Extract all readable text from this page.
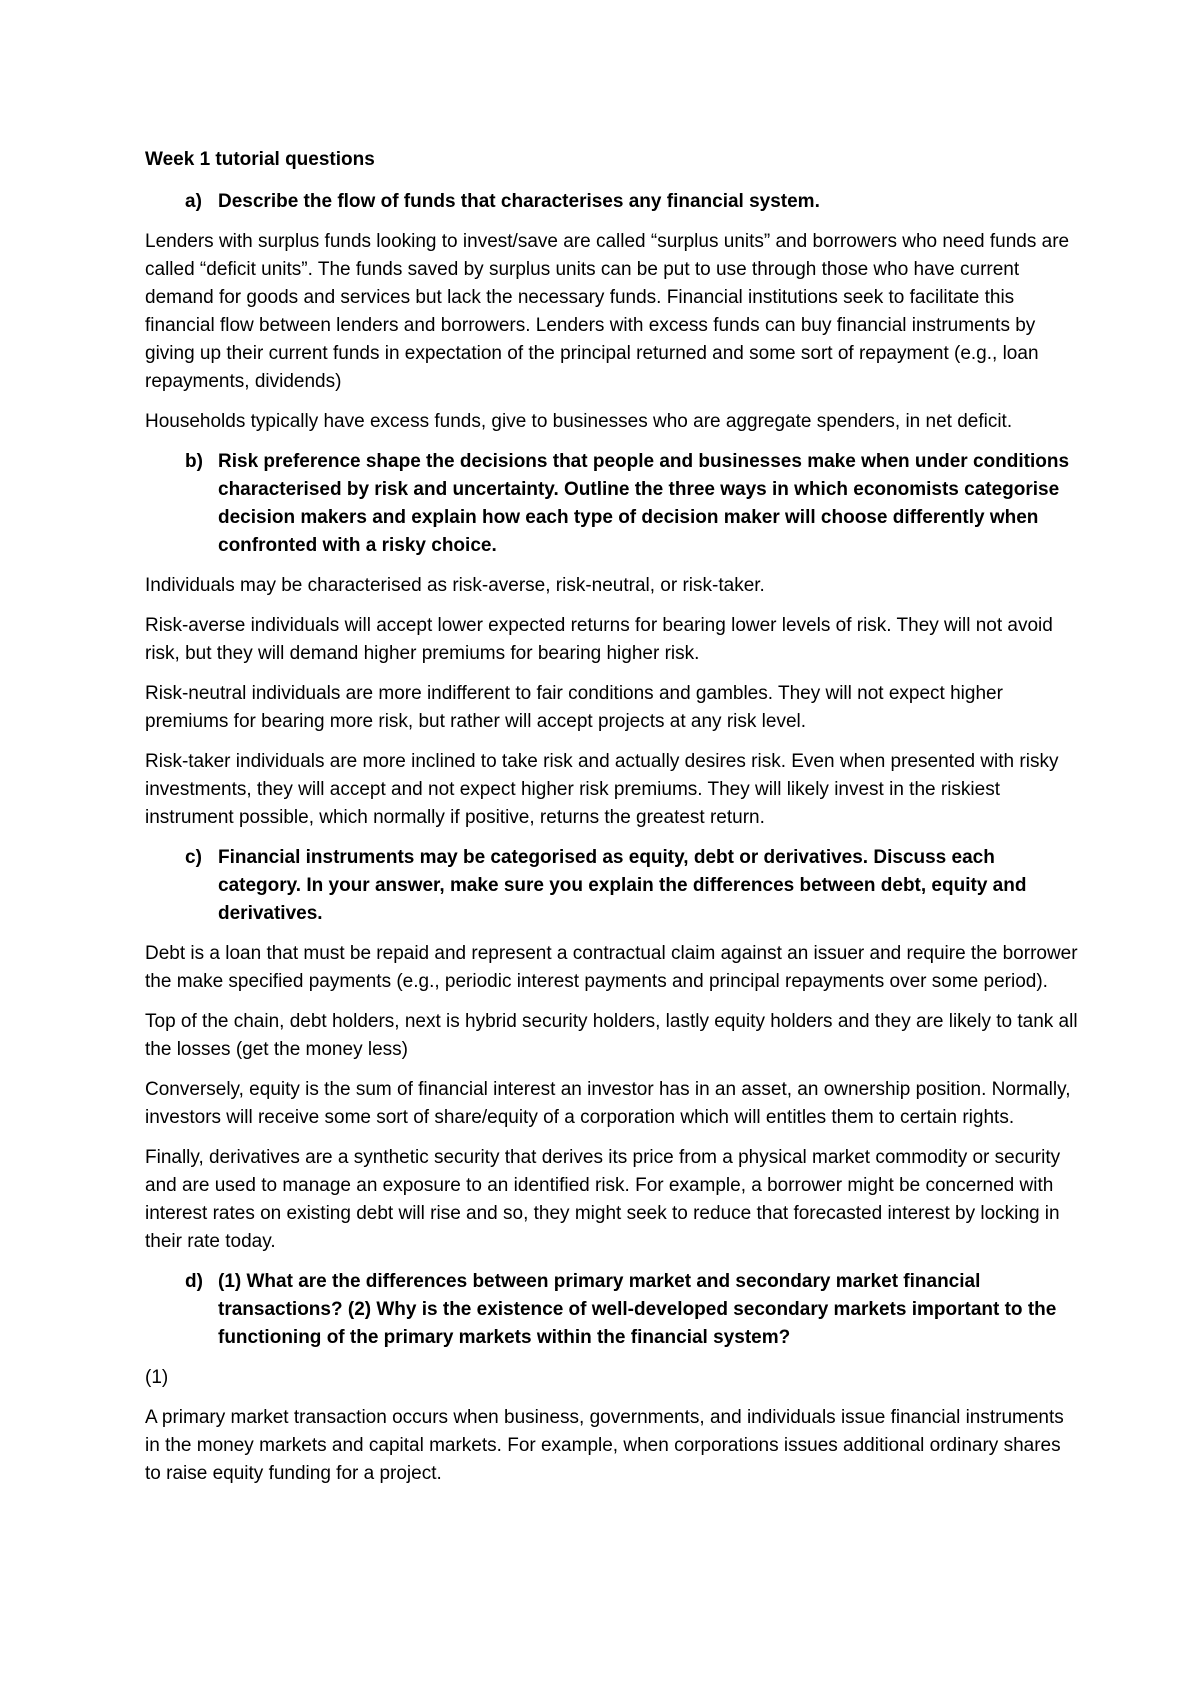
Week 1 tutorial questions

a) Describe the flow of funds that characterises any financial system.

Lenders with surplus funds looking to invest/save are called “surplus units” and borrowers who need funds are called “deficit units”. The funds saved by surplus units can be put to use through those who have current demand for goods and services but lack the necessary funds. Financial institutions seek to facilitate this financial flow between lenders and borrowers. Lenders with excess funds can buy financial instruments by giving up their current funds in expectation of the principal returned and some sort of repayment (e.g., loan repayments, dividends)

Households typically have excess funds, give to businesses who are aggregate spenders, in net deficit.

b) Risk preference shape the decisions that people and businesses make when under conditions characterised by risk and uncertainty. Outline the three ways in which economists categorise decision makers and explain how each type of decision maker will choose differently when confronted with a risky choice.

Individuals may be characterised as risk-averse, risk-neutral, or risk-taker.

Risk-averse individuals will accept lower expected returns for bearing lower levels of risk. They will not avoid risk, but they will demand higher premiums for bearing higher risk.

Risk-neutral individuals are more indifferent to fair conditions and gambles. They will not expect higher premiums for bearing more risk, but rather will accept projects at any risk level.

Risk-taker individuals are more inclined to take risk and actually desires risk. Even when presented with risky investments, they will accept and not expect higher risk premiums. They will likely invest in the riskiest instrument possible, which normally if positive, returns the greatest return.

c) Financial instruments may be categorised as equity, debt or derivatives. Discuss each category. In your answer, make sure you explain the differences between debt, equity and derivatives.

Debt is a loan that must be repaid and represent a contractual claim against an issuer and require the borrower the make specified payments (e.g., periodic interest payments and principal repayments over some period).

Top of the chain, debt holders, next is hybrid security holders, lastly equity holders and they are likely to tank all the losses (get the money less)

Conversely, equity is the sum of financial interest an investor has in an asset, an ownership position. Normally, investors will receive some sort of share/equity of a corporation which will entitles them to certain rights.

Finally, derivatives are a synthetic security that derives its price from a physical market commodity or security and are used to manage an exposure to an identified risk. For example, a borrower might be concerned with interest rates on existing debt will rise and so, they might seek to reduce that forecasted interest by locking in their rate today.

d) (1) What are the differences between primary market and secondary market financial transactions? (2) Why is the existence of well-developed secondary markets important to the functioning of the primary markets within the financial system?

(1)

A primary market transaction occurs when business, governments, and individuals issue financial instruments in the money markets and capital markets. For example, when corporations issues additional ordinary shares to raise equity funding for a project.
